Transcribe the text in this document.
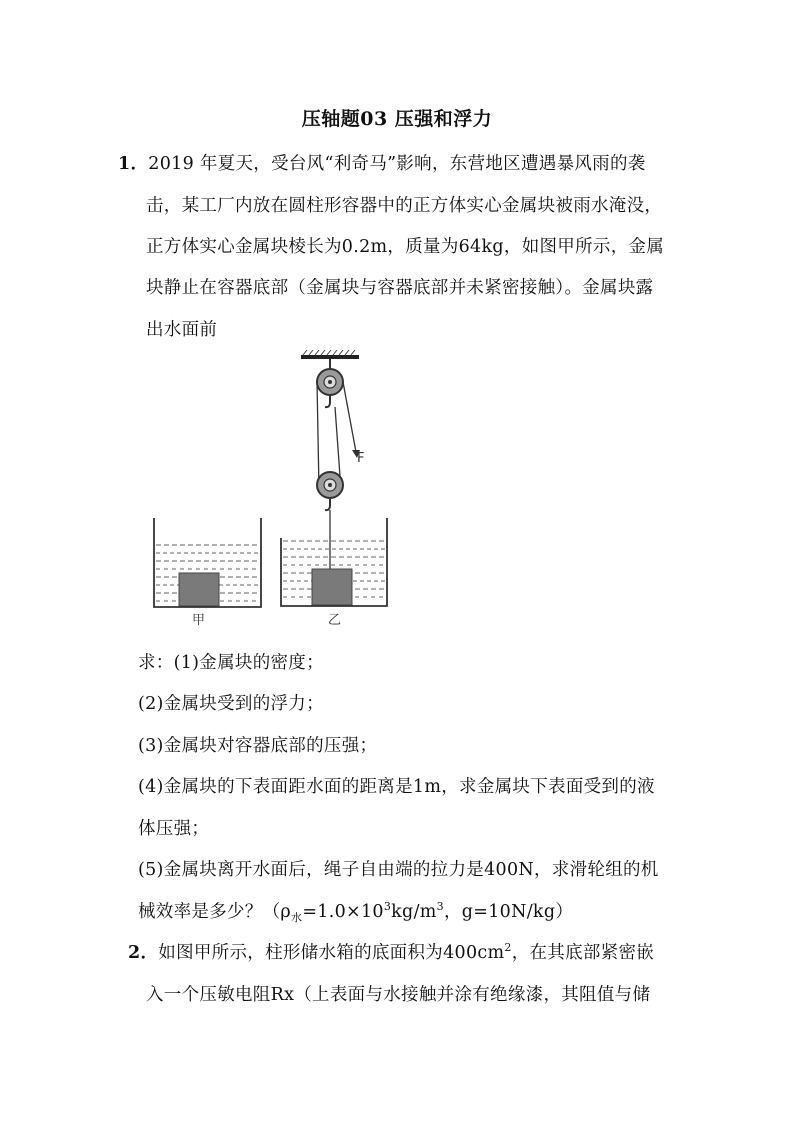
压轴题03 压强和浮力
1．2019 年夏天，受台风“利奇马”影响，东营地区遭遇暴风雨的袭
击，某工厂内放在圆柱形容器中的正方体实心金属块被雨水淹没，
正方体实心金属块棱长为0.2m，质量为64kg，如图甲所示，金属
块静止在容器底部（金属块与容器底部并未紧密接触）。金属块露
出水面前
F
甲	乙
求：(1)金属块的密度；
(2)金属块受到的浮力；
(3)金属块对容器底部的压强；
(4)金属块的下表面距水面的距离是1m，求金属块下表面受到的液
体压强；
(5)金属块离开水面后，绳子自由端的拉力是400N，求滑轮组的机
械效率是多少？（$\rho_水=1.0\times 10^3kg/m^3$，g=10N/kg）
2．如图甲所示，柱形储水箱的底面积为$400cm^2$，在其底部紧密嵌
入一个压敏电阻Rx（上表面与水接触并涂有绝缘漆，其阻值与储
